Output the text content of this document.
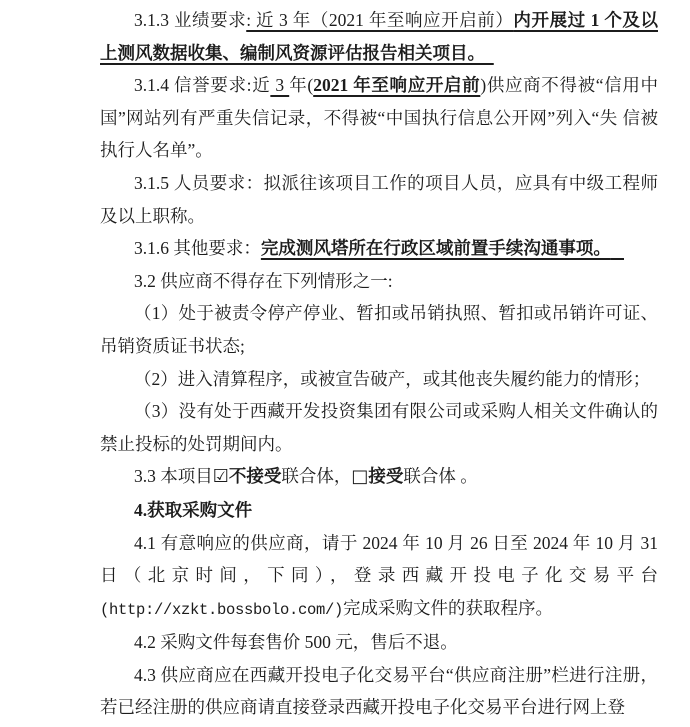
3.1.3 业绩要求: 近 3 年（2021 年至响应开启前）内开展过 1 个及以上测风数据收集、编制风资源评估报告相关项目。

3.1.4 信誉要求:近 3 年(2021 年至响应开启前)供应商不得被“信用中国”网站列有严重失信记录，不得被“中国执行信息公开网”列入“失 信被执行人名单”。

3.1.5 人员要求：拟派往该项目工作的项目人员，应具有中级工程师及以上职称。

3.1.6 其他要求：完成测风塔所在行政区域前置手续沟通事项。

3.2 供应商不得存在下列情形之一:

（1）处于被责令停产停业、暂扣或吊销执照、暂扣或吊销许可证、吊销资质证书状态;

（2）进入清算程序，或被宣告破产，或其他丧失履约能力的情形；

（3）没有处于西藏开发投资集团有限公司或采购人相关文件确认的禁止投标的处罚期间内。

3.3 本项目☑不接受联合体，□接受联合体 。

4.获取采购文件

4.1 有意响应的供应商，请于 2024 年 10 月 26 日至 2024 年 10 月 31 日（北京时间，下同），登录西藏开投电子化交易平台(http://xzkt.bossbolo.com/)完成采购文件的获取程序。

4.2 采购文件每套售价 500 元，售后不退。

4.3 供应商应在西藏开投电子化交易平台“供应商注册”栏进行注册，若已经注册的供应商请直接登录西藏开投电子化交易平台进行网上登
